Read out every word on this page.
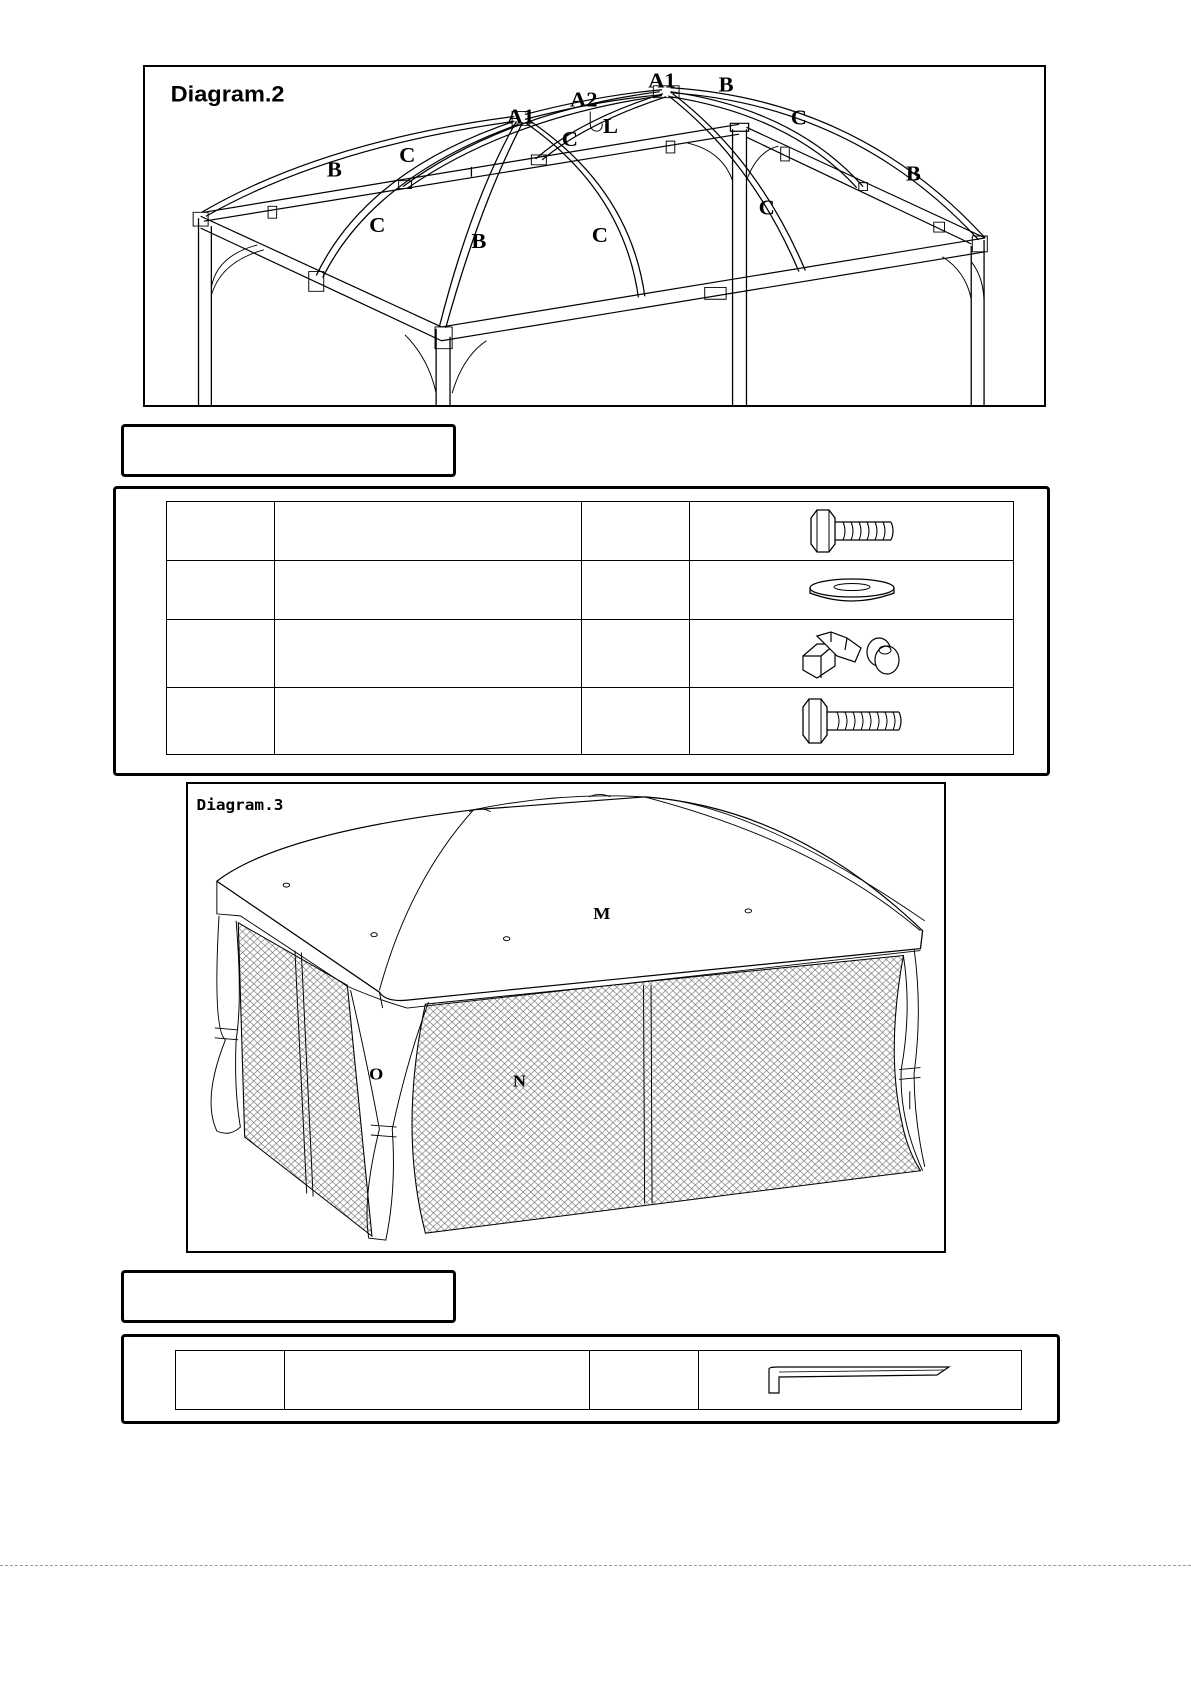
Diagram.2
B
C
C
A1
B
A2
C
L
C
A1 B
C
C
B

Diagram.3
M
N
O
